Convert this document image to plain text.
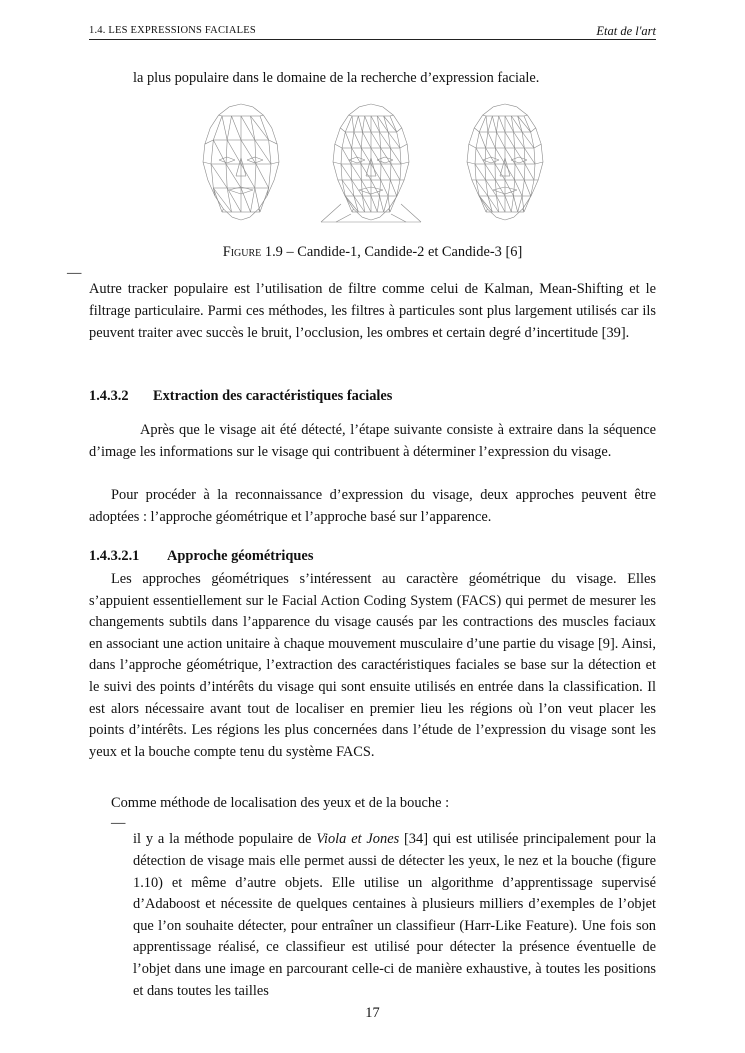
1.4. LES EXPRESSIONS FACIALES	Etat de l'art
la plus populaire dans le domaine de la recherche d’expression faciale.
Figure 1.9 – Candide-1, Candide-2 et Candide-3 [6]
—

Autre tracker populaire est l’utilisation de filtre comme celui de Kalman, Mean-Shifting et le filtrage particulaire. Parmi ces méthodes, les filtres à particules sont plus largement utilisés car ils peuvent traiter avec succès le bruit, l’occlusion, les ombres et certain degré d’incertitude [39].

1.4.3.2 Extraction des caractéristiques faciales

Après que le visage ait été détecté, l’étape suivante consiste à extraire dans la séquence d’image les informations sur le visage qui contribuent à déterminer l’expression du visage.

Pour procéder à la reconnaissance d’expression du visage, deux approches peuvent être adoptées : l’approche géométrique et l’approche basé sur l’apparence.

1.4.3.2.1 Approche géométriques

Les approches géométriques s’intéressent au caractère géométrique du visage. Elles s’appuient essentiellement sur le Facial Action Coding System (FACS) qui permet de mesurer les changements subtils dans l’apparence du visage causés par les contractions des muscles faciaux en associant une action unitaire à chaque mouvement musculaire d’une partie du visage [9]. Ainsi, dans l’approche géométrique, l’extraction des caractéristiques faciales se base sur la détection et le suivi des points d’intérêts du visage qui sont ensuite utilisés en entrée dans la classification. Il est alors nécessaire avant tout de localiser en premier lieu les régions où l’on veut placer les points d’intérêts. Les régions les plus concernées dans l’étude de l’expression du visage sont les yeux et la bouche compte tenu du système FACS.

Comme méthode de localisation des yeux et de la bouche :

—

il y a la méthode populaire de Viola et Jones [34] qui est utilisée principalement pour la détection de visage mais elle permet aussi de détecter les yeux, le nez et la bouche (figure 1.10) et même d’autre objets. Elle utilise un algorithme d’apprentissage supervisé d’Adaboost et nécessite de quelques centaines à plusieurs milliers d’exemples de l’objet que l’on souhaite détecter, pour entraîner un classifieur (Harr-Like Feature). Une fois son apprentissage réalisé, ce classifieur est utilisé pour détecter la présence éventuelle de l’objet dans une image en parcourant celle-ci de manière exhaustive, à toutes les positions et dans toutes les tailles

17
